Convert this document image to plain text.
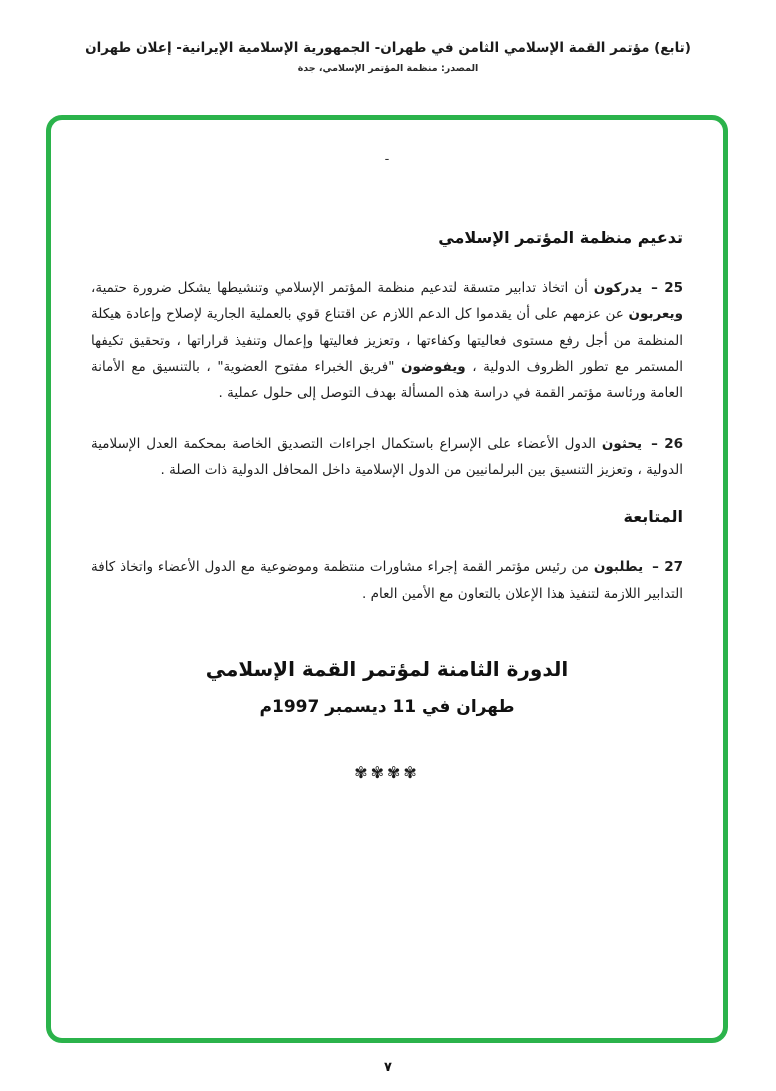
(تابع) مؤتمر القمة الإسلامي الثامن في طهران- الجمهورية الإسلامية الإيرانية- إعلان طهران
المصدر: منظمة المؤتمر الإسلامي، جدة
-
تدعيم منظمة المؤتمر الإسلامي
25 –يدركون أن اتخاذ تدابير متسقة لتدعيم منظمة المؤتمر الإسلامي وتنشيطها يشكل ضرورة حتمية، ويعربون عن عزمهم على أن يقدموا كل الدعم اللازم عن اقتناع قوي بالعملية الجارية لإصلاح وإعادة هيكلة المنظمة من أجل رفع مستوى فعاليتها وكفاءتها ، وتعزيز فعاليتها وإعمال وتنفيذ قراراتها ، وتحقيق تكيفها المستمر مع تطور الظروف الدولية ، ويفوضون "فريق الخبراء مفتوح العضوية" ، بالتنسيق مع الأمانة العامة ورئاسة مؤتمر القمة في دراسة هذه المسألة بهدف التوصل إلى حلول عملية .
26 –يحثون الدول الأعضاء على الإسراع باستكمال اجراءات التصديق الخاصة بمحكمة العدل الإسلامية الدولية ، وتعزيز التنسيق بين البرلمانيين من الدول الإسلامية داخل المحافل الدولية ذات الصلة .
المتابعة
27 –يطلبون من رئيس مؤتمر القمة إجراء مشاورات منتظمة وموضوعية مع الدول الأعضاء واتخاذ كافة التدابير اللازمة لتنفيذ هذا الإعلان بالتعاون مع الأمين العام .
الدورة الثامنة لمؤتمر القمة الإسلامي
طهران في 11 ديسمبر 1997م
✾✾✾✾
٧
